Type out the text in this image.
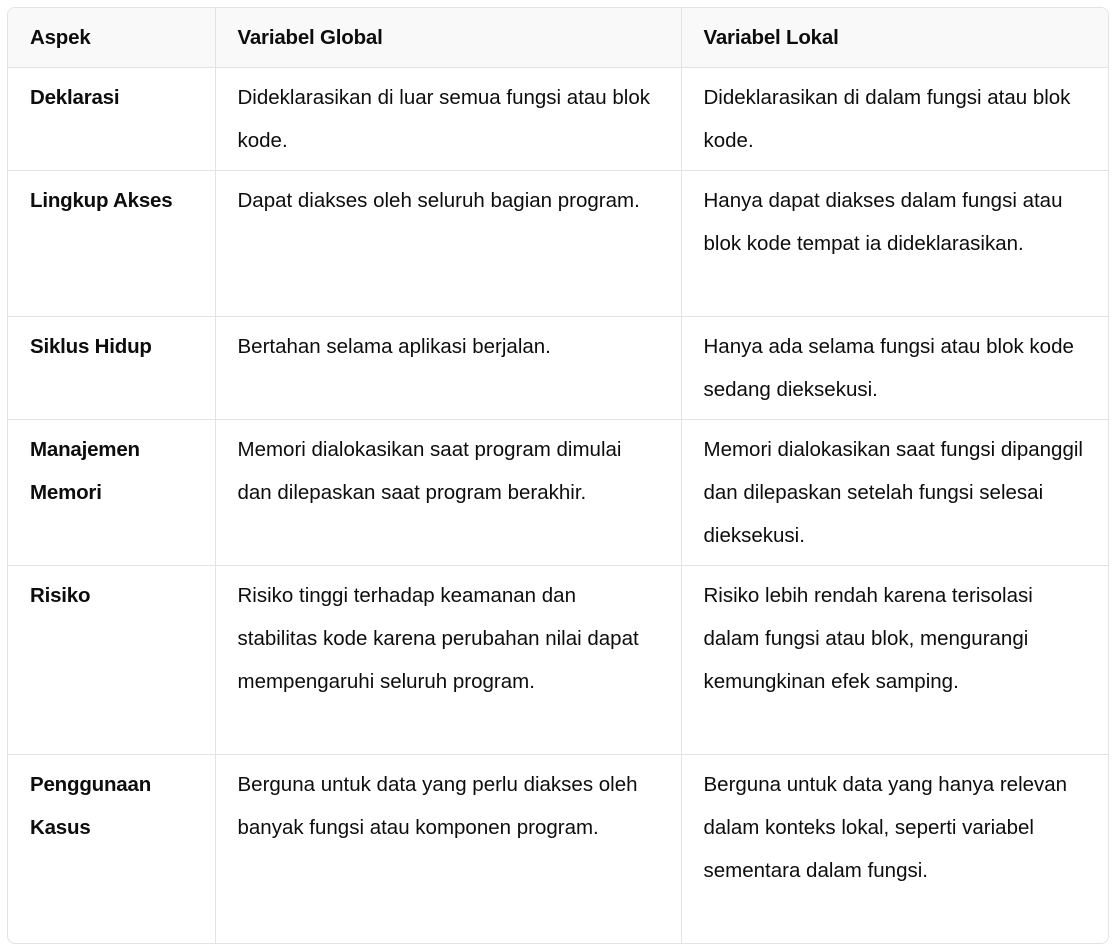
Aspek	Variabel Global	Variabel Lokal
Deklarasi	Dideklarasikan di luar semua fungsi atau blok kode.	Dideklarasikan di dalam fungsi atau blok kode.
Lingkup Akses	Dapat diakses oleh seluruh bagian program.	Hanya dapat diakses dalam fungsi atau blok kode tempat ia dideklarasikan.
Siklus Hidup	Bertahan selama aplikasi berjalan.	Hanya ada selama fungsi atau blok kode sedang dieksekusi.
Manajemen Memori	Memori dialokasikan saat program dimulai dan dilepaskan saat program berakhir.	Memori dialokasikan saat fungsi dipanggil dan dilepaskan setelah fungsi selesai dieksekusi.
Risiko	Risiko tinggi terhadap keamanan dan stabilitas kode karena perubahan nilai dapat mempengaruhi seluruh program.	Risiko lebih rendah karena terisolasi dalam fungsi atau blok, mengurangi kemungkinan efek samping.
Penggunaan Kasus	Berguna untuk data yang perlu diakses oleh banyak fungsi atau komponen program.	Berguna untuk data yang hanya relevan dalam konteks lokal, seperti variabel sementara dalam fungsi.
